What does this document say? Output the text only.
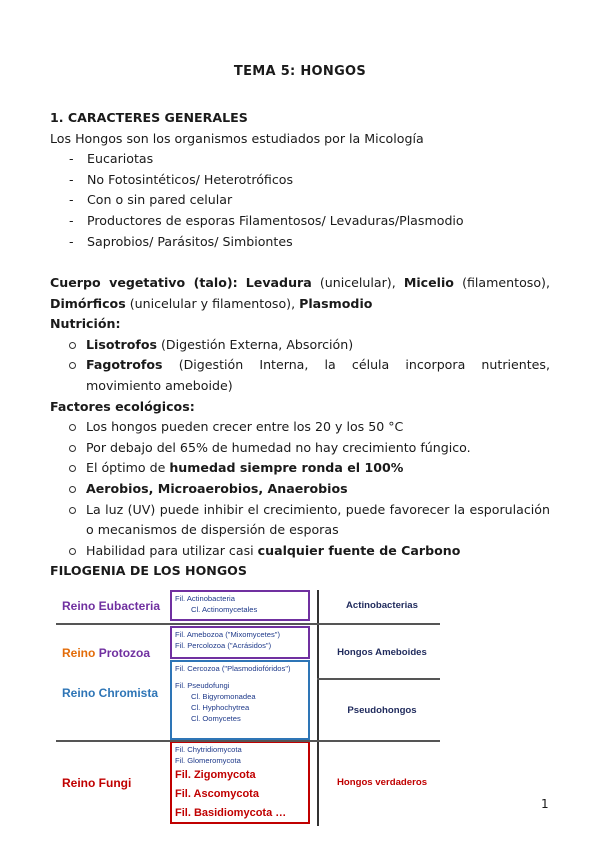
TEMA 5: HONGOS
1. CARACTERES GENERALES
Los Hongos son los organismos estudiados por la Micología
- Eucariotas
- No Fotosintéticos/ Heterotróficos
- Con o sin pared celular
- Productores de esporas Filamentosos/ Levaduras/Plasmodio
- Saprobios/ Parásitos/ Simbiontes
Cuerpo vegetativo (talo): Levadura (unicelular), Micelio (filamentoso), Dimórficos (unicelular y filamentoso), Plasmodio
Nutrición:
Lisotrofos (Digestión Externa, Absorción)
Fagotrofos (Digestión Interna, la célula incorpora nutrientes, movimiento ameboide)
Factores ecológicos:
Los hongos pueden crecer entre los 20 y los 50 °C
Por debajo del 65% de humedad no hay crecimiento fúngico.
El óptimo de humedad siempre ronda el 100%
Aerobios, Microaerobios, Anaerobios
La luz (UV) puede inhibir el crecimiento, puede favorecer la esporulación o mecanismos de dispersión de esporas
Habilidad para utilizar casi cualquier fuente de Carbono
FILOGENIA DE LOS HONGOS
Reino Eubacteria
Reino Protozoa
Reino Chromista
Reino Fungi
Fil. Actinobacteria
Cl. Actinomycetales
Fil. Amebozoa ("Mixomycetes")
Fil. Percolozoa ("Acrásidos")
Fil. Cercozoa ("Plasmodiofóridos")
Fil. Pseudofungi
Cl. Bigyromonadea
Cl. Hyphochytrea
Cl. Oomycetes
Fil. Chytridiomycota
Fil. Glomeromycota
Fil. Zigomycota
Fil. Ascomycota
Fil. Basidiomycota …
Actinobacterias
Hongos Ameboides
Pseudohongos
Hongos verdaderos
1
